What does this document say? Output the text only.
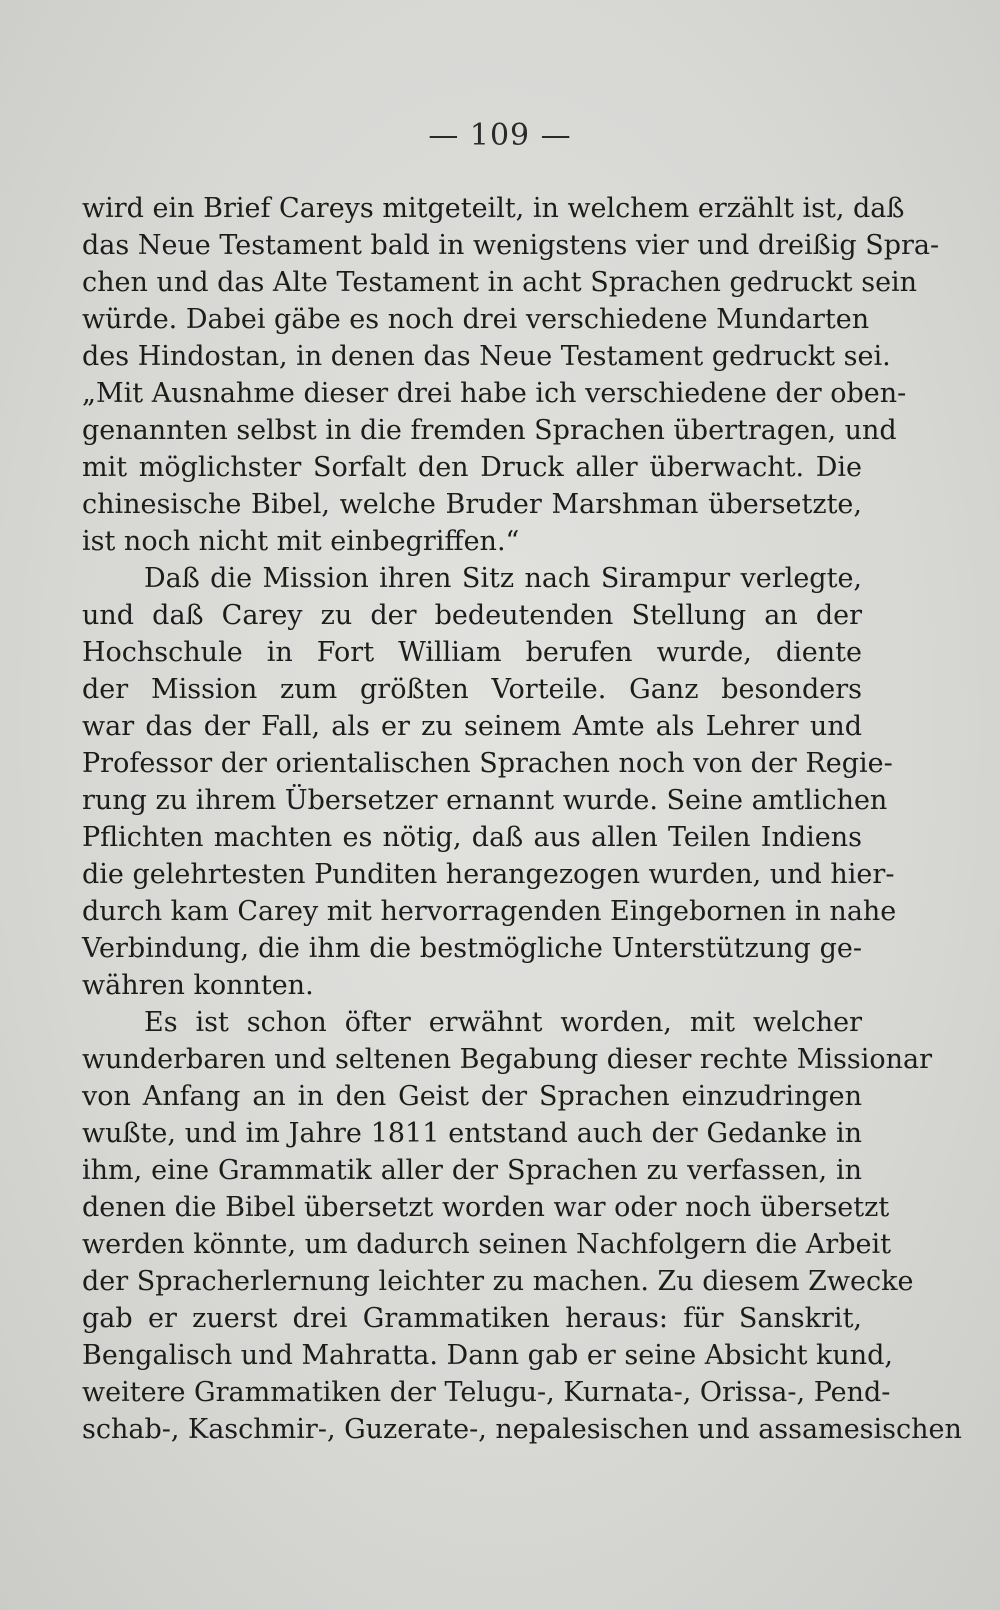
— 109 —
wird ein Brief Careys mitgeteilt, in welchem erzählt ist, daß
das Neue Testament bald in wenigstens vier und dreißig Spra-
chen und das Alte Testament in acht Sprachen gedruckt sein
würde. Dabei gäbe es noch drei verschiedene Mundarten
des Hindostan, in denen das Neue Testament gedruckt sei.
„Mit Ausnahme dieser drei habe ich verschiedene der oben-
genannten selbst in die fremden Sprachen übertragen, und
mit möglichster Sorfalt den Druck aller überwacht. Die
chinesische Bibel, welche Bruder Marshman übersetzte,
ist noch nicht mit einbegriffen.“
Daß die Mission ihren Sitz nach Sirampur verlegte,
und daß Carey zu der bedeutenden Stellung an der
Hochschule in Fort William berufen wurde, diente
der Mission zum größten Vorteile. Ganz besonders
war das der Fall, als er zu seinem Amte als Lehrer und
Professor der orientalischen Sprachen noch von der Regie-
rung zu ihrem Übersetzer ernannt wurde. Seine amtlichen
Pflichten machten es nötig, daß aus allen Teilen Indiens
die gelehrtesten Punditen herangezogen wurden, und hier-
durch kam Carey mit hervorragenden Eingebornen in nahe
Verbindung, die ihm die bestmögliche Unterstützung ge-
währen konnten.
Es ist schon öfter erwähnt worden, mit welcher
wunderbaren und seltenen Begabung dieser rechte Missionar
von Anfang an in den Geist der Sprachen einzudringen
wußte, und im Jahre 1811 entstand auch der Gedanke in
ihm, eine Grammatik aller der Sprachen zu verfassen, in
denen die Bibel übersetzt worden war oder noch übersetzt
werden könnte, um dadurch seinen Nachfolgern die Arbeit
der Spracherlernung leichter zu machen. Zu diesem Zwecke
gab er zuerst drei Grammatiken heraus: für Sanskrit,
Bengalisch und Mahratta. Dann gab er seine Absicht kund,
weitere Grammatiken der Telugu-, Kurnata-, Orissa-, Pend-
schab-, Kaschmir-, Guzerate-, nepalesischen und assamesischen
